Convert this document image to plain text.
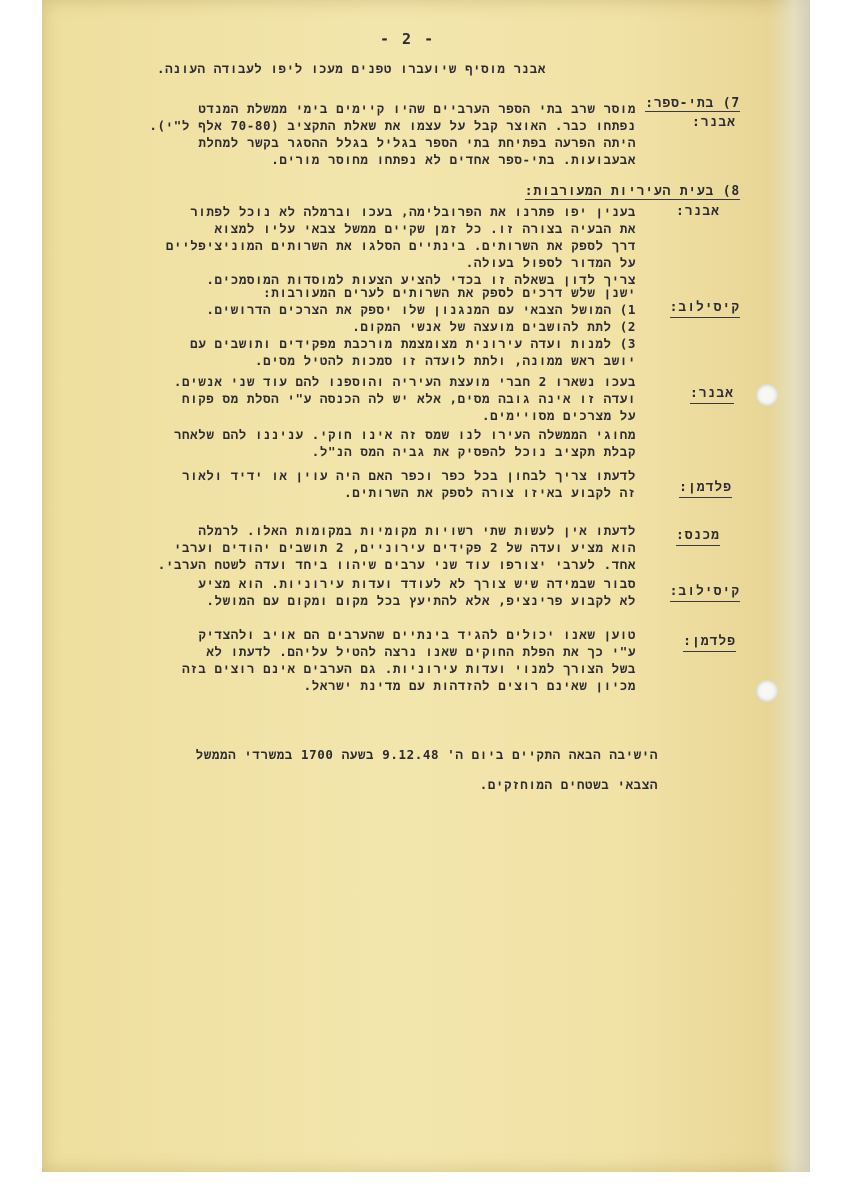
- 2 -
אבנר מוסיף שיועברו טפנים מעכו ליפו לעבודה העונה.
7) בתי-ספר:
אבנר:
מוסר שרב בתי הספר הערביים שהיו קיימים בימי ממשלת המנדט
נפתחו כבר. האוצר קבל על עצמו את שאלת התקציב (70-80 אלף ל"י).
היתה הפרעה בפתיחת בתי הספר בגליל בגלל ההסגר בקשר למחלת
אבעבועות. בתי-ספר אחדים לא נפתחו מחוסר מורים.
8) בעית העיריות המעורבות:
אבנר:
בענין יפו פתרנו את הפרובלימה, בעכו וברמלה לא נוכל לפתור
את הבעיה בצורה זו. כל זמן שקיים ממשל צבאי עליו למצוא
דרך לספק את השרותים. בינתיים הסלגו את השרותים המוניציפליים
על המדור לספול בעולה.
צריך לדון בשאלה זו בכדי להציע הצעות למוסדות המוסמכים.
קיסילוב:
ישנן שלש דרכים לספק את השרותים לערים המעורבות:
1) המושל הצבאי עם המנגנון שלו יספק את הצרכים הדרושים.
2) לתת להושבים מועצה של אנשי המקום.
3) למנות ועדה עירונית מצומצמת מורכבת מפקידים ותושבים עם
יושב ראש ממונה, ולתת לועדה זו סמכות להטיל מסים.
אבנר:
בעכו נשארו 2 חברי מועצת העיריה והוספנו להם עוד שני אנשים.
ועדה זו אינה גובה מסים, אלא יש לה הכנסה ע"י הסלת מס פקוח
על מצרכים מסויימים.
מחוגי הממשלה העירו לנו שמס זה אינו חוקי. עניננו להם שלאחר
קבלת תקציב נוכל להפסיק את גביה המס הנ"ל.
פלדמן:
לדעתו צריך לבחון בכל כפר וכפר האם היה עוין או ידיד ולאור
זה לקבוע באיזו צורה לספק את השרותים.
מכנס:
לדעתו אין לעשות שתי רשויות מקומיות במקומות האלו. לרמלה
הוא מציע ועדה של 2 פקידים עירוניים, 2 תושבים יהודים וערבי
אחד. לערבי יצורפו עוד שני ערבים שיהוו ביחד ועדה לשטח הערבי.
קיסילוב:
סבור שבמידה שיש צורך לא לעודד ועדות עירוניות. הוא מציע
לא לקבוע פרינציפ, אלא להתיעץ בכל מקום ומקום עם המושל.
פלדמן:
טוען שאנו יכולים להגיד בינתיים שהערבים הם אויב ולהצדיק
ע"י כך את הפלת החוקים שאנו נרצה להטיל עליהם. לדעתו לא
בשל הצורך למנוי ועדות עירוניות. גם הערבים אינם רוצים בזה
מכיון שאינם רוצים להזדהות עם מדינת ישראל.
הישיבה הבאה התקיים ביום ה' 9.12.48 בשעה 1700 במשרדי הממשל
הצבאי בשטחים המוחזקים.
